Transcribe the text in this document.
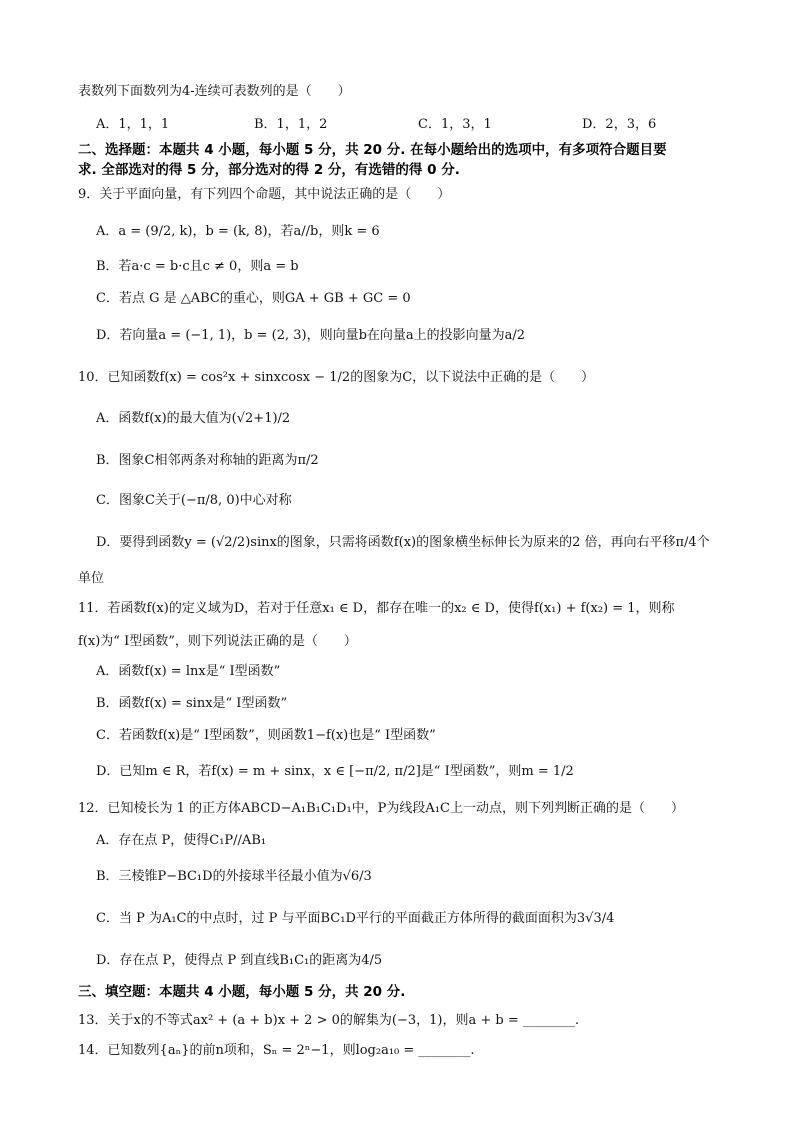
表数列下面数列为4-连续可表数列的是（　　）
A．1，1，1	B．1，1，2	C．1，3，1	D．2，3，6
二、选择题：本题共 4 小题，每小题 5 分，共 20 分. 在每小题给出的选项中，有多项符合题目要
求. 全部选对的得 5 分，部分选对的得 2 分，有选错的得 0 分.
9．关于平面向量，有下列四个命题，其中说法正确的是（　　）
A．a = (9/2, k)，b = (k, 8)，若a//b，则k = 6
B．若a·c = b·c且c ≠ 0，则a = b
C．若点 G 是 △ABC的重心，则GA + GB + GC = 0
D．若向量a = (−1, 1)，b = (2, 3)，则向量b在向量a上的投影向量为a/2
10．已知函数f(x) = cos²x + sinxcosx − 1/2的图象为C，以下说法中正确的是（　　）
A．函数f(x)的最大值为(√2+1)/2
B．图象C相邻两条对称轴的距离为π/2
C．图象C关于(−π/8, 0)中心对称
D．要得到函数y = (√2/2)sinx的图象，只需将函数f(x)的图象横坐标伸长为原来的2 倍，再向右平移π/4个
单位
11．若函数f(x)的定义域为D，若对于任意x₁ ∈ D，都存在唯一的x₂ ∈ D，使得f(x₁) + f(x₂) = 1，则称
f(x)为“ I型函数”，则下列说法正确的是（　　）
A．函数f(x) = lnx是“ I型函数”
B．函数f(x) = sinx是“ I型函数”
C．若函数f(x)是“ I型函数”，则函数1−f(x)也是“ I型函数”
D．已知m ∈ R，若f(x) = m + sinx，x ∈ [−π/2, π/2]是“ I型函数”，则m = 1/2
12．已知棱长为 1 的正方体ABCD−A₁B₁C₁D₁中，P为线段A₁C上一动点，则下列判断正确的是（　　）
A．存在点 P，使得C₁P//AB₁
B．三棱锥P−BC₁D的外接球半径最小值为√6/3
C．当 P 为A₁C的中点时，过 P 与平面BC₁D平行的平面截正方体所得的截面面积为3√3/4
D．存在点 P，使得点 P 到直线B₁C₁的距离为4/5
三、填空题：本题共 4 小题，每小题 5 分，共 20 分.
13．关于x的不等式ax² + (a + b)x + 2 > 0的解集为(−3，1)，则a + b = ________.
14．已知数列{aₙ}的前n项和，Sₙ = 2ⁿ−1，则log₂a₁₀ = ________.
